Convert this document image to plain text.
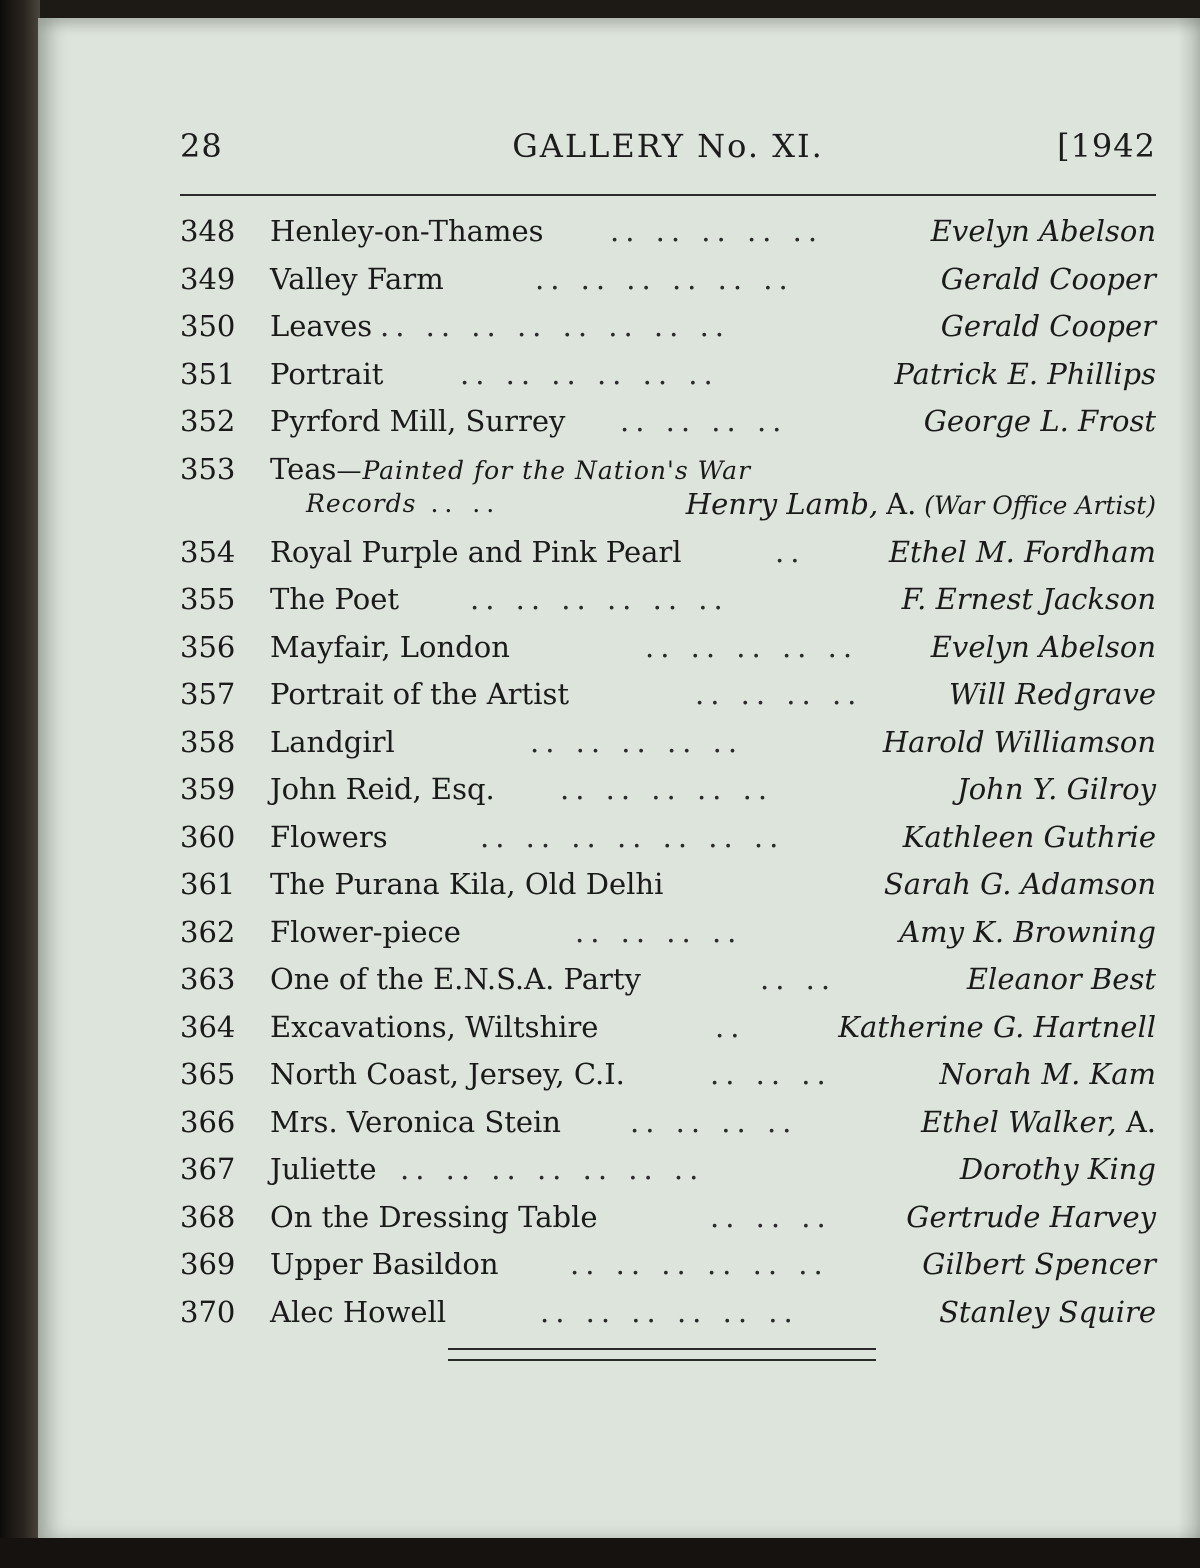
28	GALLERY No. XI.	[1942
348	Henley-on-Thames .. .. .. .. ..	Evelyn Abelson
349	Valley Farm	.. .. .. .. .. ..	Gerald Cooper
350	Leaves .. .. .. .. .. .. .. ..	Gerald Cooper
351	Portrait	.. .. .. .. .. ..	Patrick E. Phillips
352	Pyrford Mill, Surrey .. .. .. ..	George L. Frost
353	Teas—Painted for the Nation's War
Records .. ..	Henry Lamb, A. (War Office Artist)
354	Royal Purple and Pink Pearl	..	Ethel M. Fordham
355	The Poet .. .. .. .. .. ..	F. Ernest Jackson
356	Mayfair, London	.. .. .. .. ..	Evelyn Abelson
357	Portrait of the Artist	.. .. .. ..	Will Redgrave
358	Landgirl	.. .. .. .. ..	Harold Williamson
359	John Reid, Esq. .. .. .. .. ..	John Y. Gilroy
360	Flowers	.. .. .. .. .. .. ..	Kathleen Guthrie
361	The Purana Kila, Old Delhi	Sarah G. Adamson
362	Flower-piece	.. .. .. ..	Amy K. Browning
363	One of the E.N.S.A. Party	.. ..	Eleanor Best
364	Excavations, Wiltshire	..	Katherine G. Hartnell
365	North Coast, Jersey, C.I.	.. .. ..	Norah M. Kam
366	Mrs. Veronica Stein .. .. .. ..	Ethel Walker, A.
367	Juliette .. .. .. .. .. .. ..	Dorothy King
368	On the Dressing Table	.. .. ..	Gertrude Harvey
369	Upper Basildon .. .. .. .. .. ..	Gilbert Spencer
370	Alec Howell	.. .. .. .. .. ..	Stanley Squire
